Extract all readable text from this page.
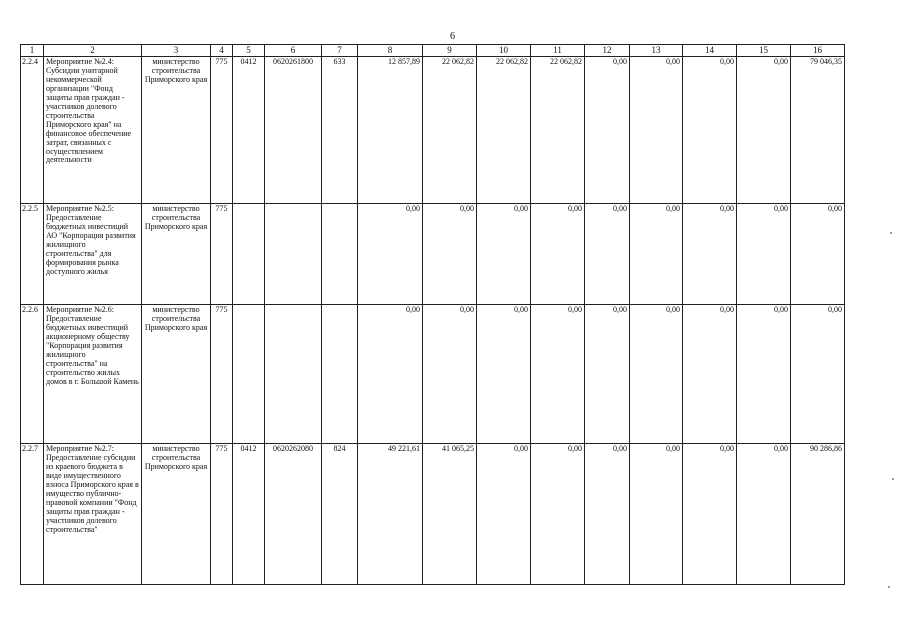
6
1	2	3	4	5	6	7	8	9	10	11	12	13	14	15	16
2.2.4	Мероприятие №2.4: Субсидии унитарной некоммерческой организации "Фонд защиты прав граждан - участников долевого строительства Приморского края" на финансовое обеспечение затрат, связанных с осуществлением деятельности	министерство строительства Приморского края	775	0412	0620261800	633	12 857,89	22 062,82	22 062,82	22 062,82	0,00	0,00	0,00	0,00	79 046,35
2.2.5	Мероприятие №2.5: Предоставление бюджетных инвестиций АО "Корпорация развития жилищного строительства" для формирования рынка доступного жилья	министерство строительства Приморского края	775				0,00	0,00	0,00	0,00	0,00	0,00	0,00	0,00	0,00
2.2.6	Мероприятие №2.6: Предоставление бюджетных инвестиций акционерному обществу "Корпорация развития жилищного строительства" на строительство жилых домов в г. Большой Камень	министерство строительства Приморского края	775				0,00	0,00	0,00	0,00	0,00	0,00	0,00	0,00	0,00
2.2.7	Мероприятие №2.7: Предоставление субсидии из краевого бюджета в виде имущественного взноса Приморского края в имущество публично-правовой компании "Фонд защиты прав граждан - участников долевого строительства"	министерство строительства Приморского края	775	0412	0620262080	824	49 221,61	41 065,25	0,00	0,00	0,00	0,00	0,00	0,00	90 286,86
